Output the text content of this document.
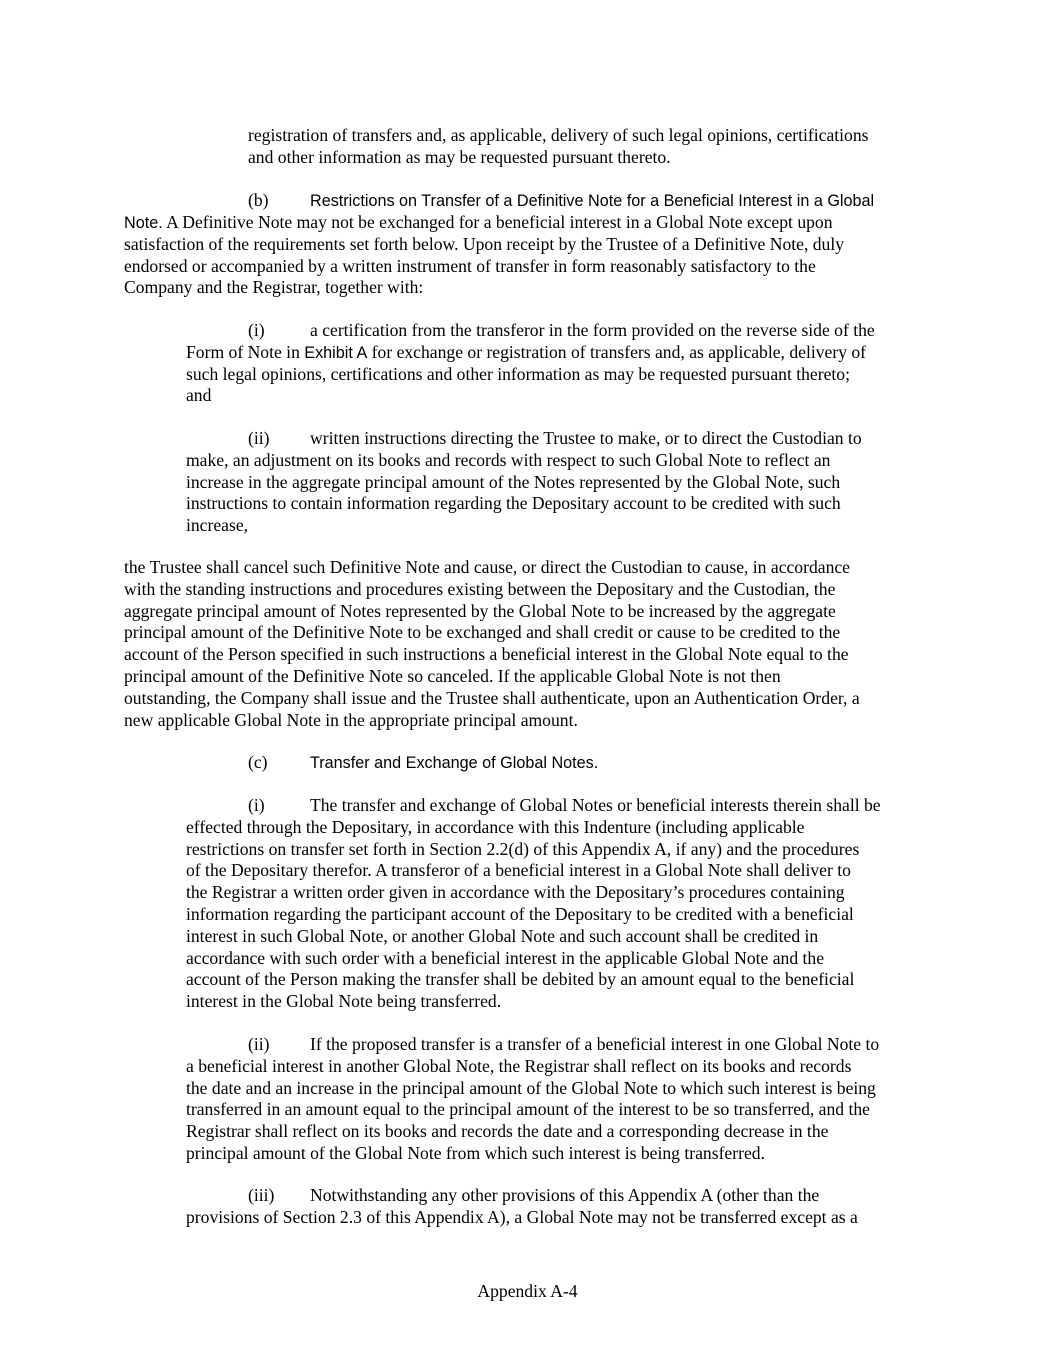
registration of transfers and, as applicable, delivery of such legal opinions, certifications
and other information as may be requested pursuant thereto.
(b)	Restrictions on Transfer of a Definitive Note for a Beneficial Interest in a Global
Note. A Definitive Note may not be exchanged for a beneficial interest in a Global Note except upon
satisfaction of the requirements set forth below. Upon receipt by the Trustee of a Definitive Note, duly
endorsed or accompanied by a written instrument of transfer in form reasonably satisfactory to the
Company and the Registrar, together with:
(i)	a certification from the transferor in the form provided on the reverse side of the
Form of Note in Exhibit A for exchange or registration of transfers and, as applicable, delivery of
such legal opinions, certifications and other information as may be requested pursuant thereto;
and
(ii) written instructions directing the Trustee to make, or to direct the Custodian to
make, an adjustment on its books and records with respect to such Global Note to reflect an
increase in the aggregate principal amount of the Notes represented by the Global Note, such
instructions to contain information regarding the Depositary account to be credited with such
increase,
the Trustee shall cancel such Definitive Note and cause, or direct the Custodian to cause, in accordance
with the standing instructions and procedures existing between the Depositary and the Custodian, the
aggregate principal amount of Notes represented by the Global Note to be increased by the aggregate
principal amount of the Definitive Note to be exchanged and shall credit or cause to be credited to the
account of the Person specified in such instructions a beneficial interest in the Global Note equal to the
principal amount of the Definitive Note so canceled. If the applicable Global Note is not then
outstanding, the Company shall issue and the Trustee shall authenticate, upon an Authentication Order, a
new applicable Global Note in the appropriate principal amount.
(c)	Transfer and Exchange of Global Notes.
(i)	The transfer and exchange of Global Notes or beneficial interests therein shall be
effected through the Depositary, in accordance with this Indenture (including applicable
restrictions on transfer set forth in Section 2.2(d) of this Appendix A, if any) and the procedures
of the Depositary therefor. A transferor of a beneficial interest in a Global Note shall deliver to
the Registrar a written order given in accordance with the Depositary’s procedures containing
information regarding the participant account of the Depositary to be credited with a beneficial
interest in such Global Note, or another Global Note and such account shall be credited in
accordance with such order with a beneficial interest in the applicable Global Note and the
account of the Person making the transfer shall be debited by an amount equal to the beneficial
interest in the Global Note being transferred.
(ii) If the proposed transfer is a transfer of a beneficial interest in one Global Note to
a beneficial interest in another Global Note, the Registrar shall reflect on its books and records
the date and an increase in the principal amount of the Global Note to which such interest is being
transferred in an amount equal to the principal amount of the interest to be so transferred, and the
Registrar shall reflect on its books and records the date and a corresponding decrease in the
principal amount of the Global Note from which such interest is being transferred.
(iii) Notwithstanding any other provisions of this Appendix A (other than the
provisions of Section 2.3 of this Appendix A), a Global Note may not be transferred except as a
Appendix A-4
